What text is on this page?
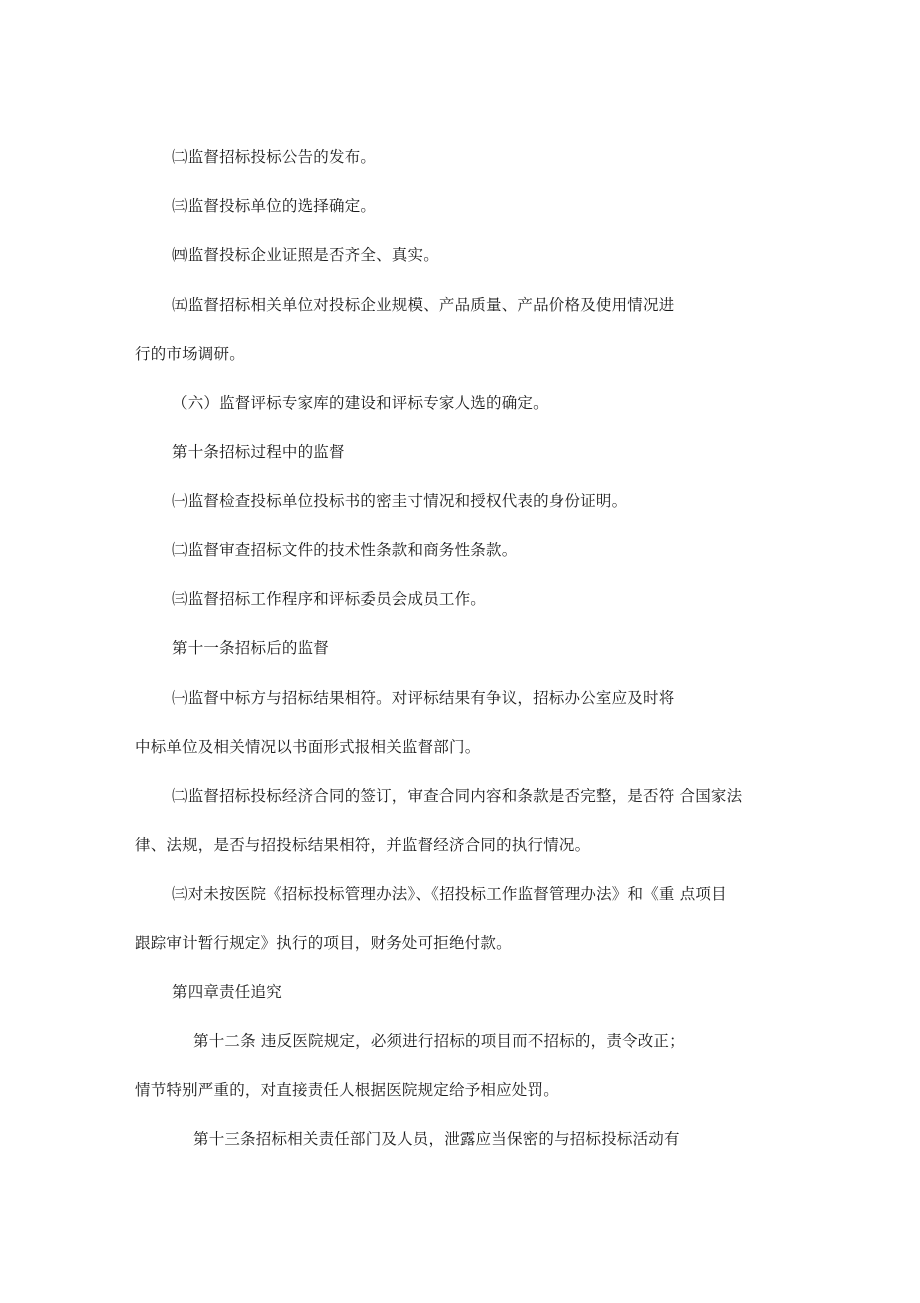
㈡监督招标投标公告的发布。
㈢监督投标单位的选择确定。
㈣监督投标企业证照是否齐全、真实。
㈤监督招标相关单位对投标企业规模、产品质量、产品价格及使用情况进
行的市场调研。
（六）监督评标专家库的建设和评标专家人选的确定。
第十条招标过程中的监督
㈠监督检查投标单位投标书的密圭寸情况和授权代表的身份证明。
㈡监督审查招标文件的技术性条款和商务性条款。
㈢监督招标工作程序和评标委员会成员工作。
第十一条招标后的监督
㈠监督中标方与招标结果相符。对评标结果有争议，招标办公室应及时将
中标单位及相关情况以书面形式报相关监督部门。
㈡监督招标投标经济合同的签订，审查合同内容和条款是否完整，是否符 合国家法
律、法规，是否与招投标结果相符，并监督经济合同的执行情况。
㈢对未按医院《招标投标管理办法》、《招投标工作监督管理办法》和《重 点项目
跟踪审计暂行规定》执行的项目，财务处可拒绝付款。
第四章责任追究
第十二条 违反医院规定，必须进行招标的项目而不招标的，责令改正；
情节特别严重的，对直接责任人根据医院规定给予相应处罚。
第十三条招标相关责任部门及人员，泄露应当保密的与招标投标活动有
